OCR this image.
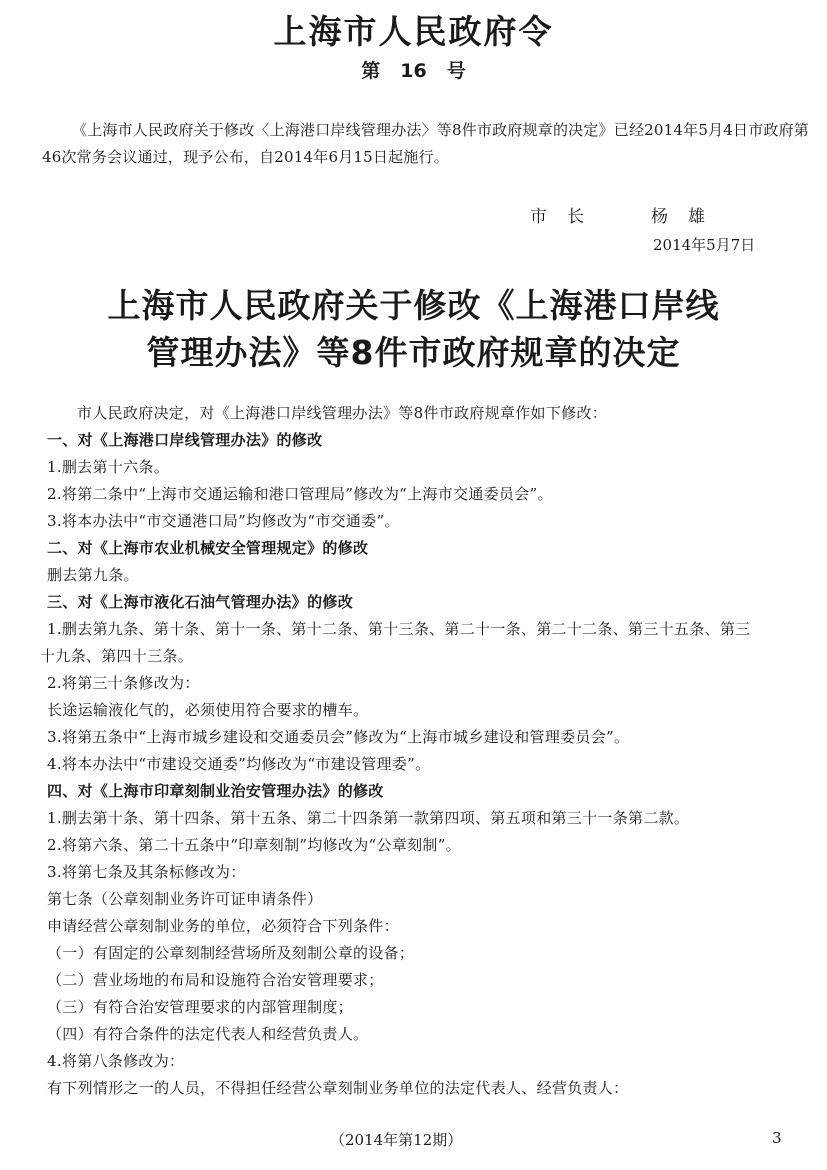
上海市人民政府令
第 16 号

《上海市人民政府关于修改〈上海港口岸线管理办法〉等8件市政府规章的决定》已经2014年5月4日市政府第46次常务会议通过，现予公布，自2014年6月15日起施行。

市长	杨雄
2014年5月7日
上海市人民政府关于修改《上海港口岸线
管理办法》等8件市政府规章的决定

市人民政府决定，对《上海港口岸线管理办法》等8件市政府规章作如下修改：

一、对《上海港口岸线管理办法》的修改

1.删去第十六条。

2.将第二条中“上海市交通运输和港口管理局”修改为“上海市交通委员会”。

3.将本办法中“市交通港口局”均修改为“市交通委”。

二、对《上海市农业机械安全管理规定》的修改

删去第九条。

三、对《上海市液化石油气管理办法》的修改

1.删去第九条、第十条、第十一条、第十二条、第十三条、第二十一条、第二十二条、第三十五条、第三

十九条、第四十三条。

2.将第三十条修改为：

长途运输液化气的，必须使用符合要求的槽车。

3.将第五条中“上海市城乡建设和交通委员会”修改为“上海市城乡建设和管理委员会”。

4.将本办法中“市建设交通委”均修改为“市建设管理委”。

四、对《上海市印章刻制业治安管理办法》的修改

1.删去第十条、第十四条、第十五条、第二十四条第一款第四项、第五项和第三十一条第二款。

2.将第六条、第二十五条中“印章刻制”均修改为“公章刻制”。

3.将第七条及其条标修改为：

第七条（公章刻制业务许可证申请条件）

申请经营公章刻制业务的单位，必须符合下列条件：

（一）有固定的公章刻制经营场所及刻制公章的设备；

（二）营业场地的布局和设施符合治安管理要求；

（三）有符合治安管理要求的内部管理制度；

（四）有符合条件的法定代表人和经营负责人。

4.将第八条修改为：

有下列情形之一的人员，不得担任经营公章刻制业务单位的法定代表人、经营负责人：

（2014年第12期）	3
